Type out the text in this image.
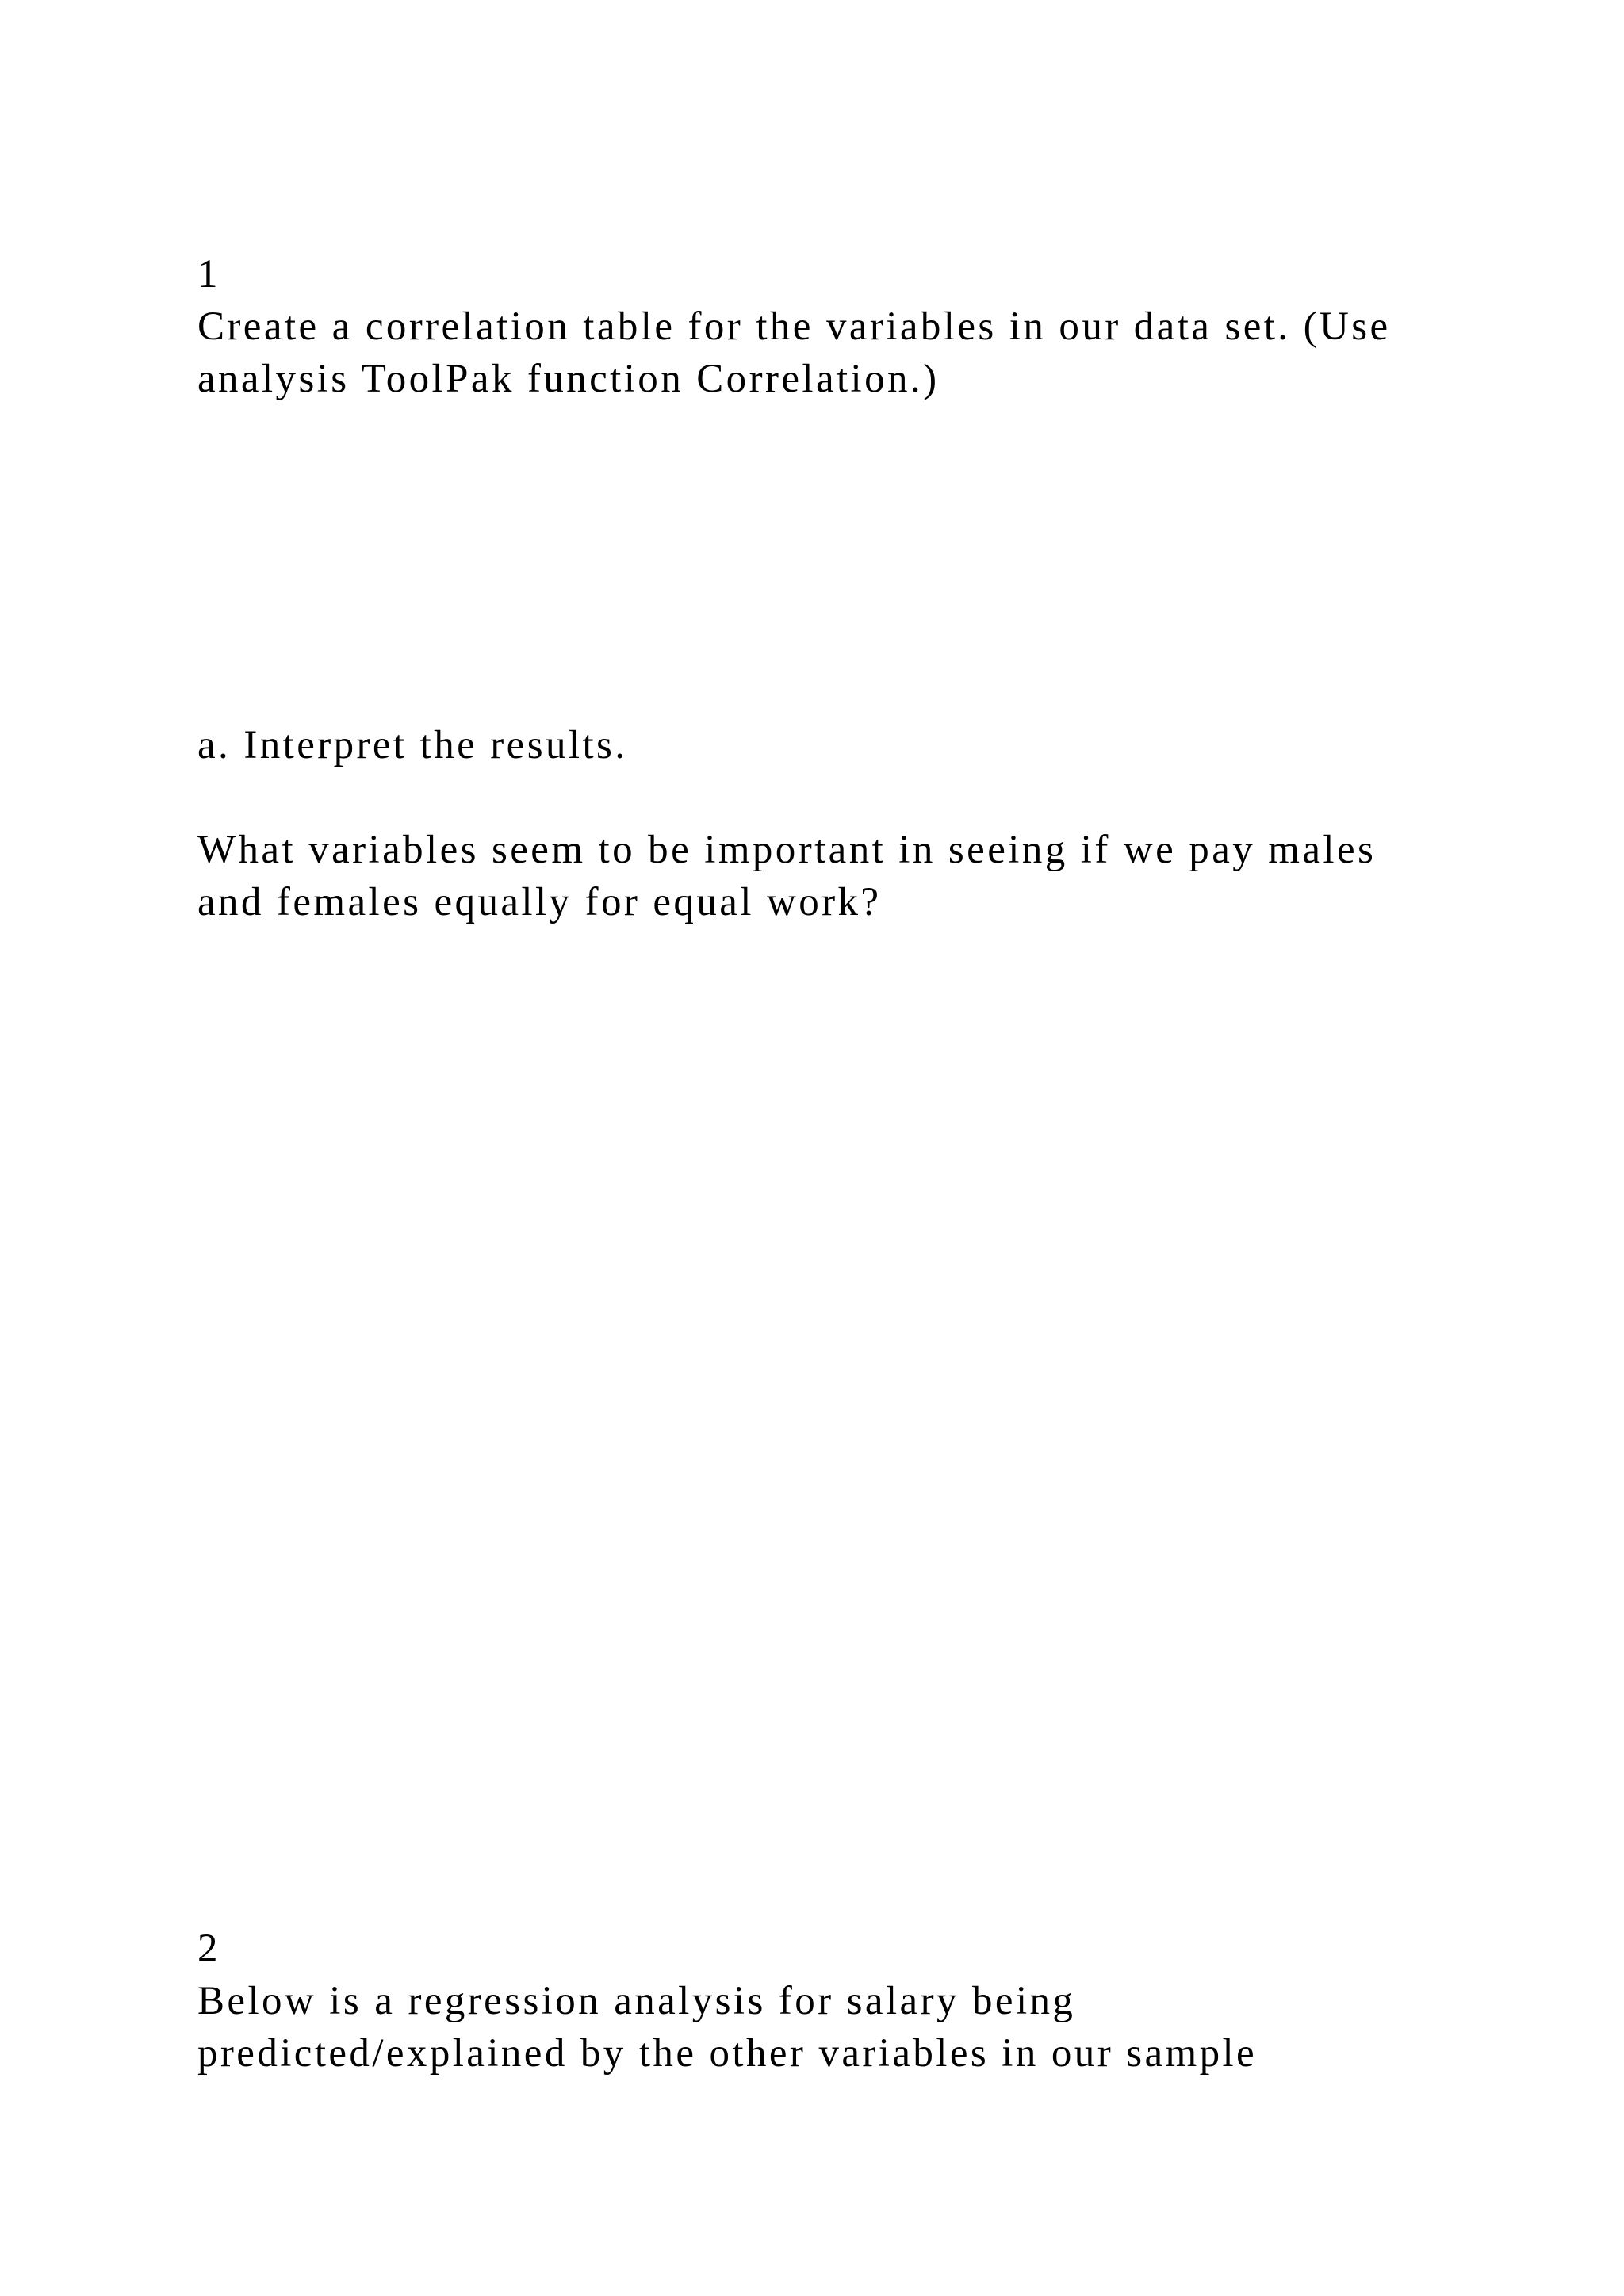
1

Create a correlation table for the variables in our data set. (Use

analysis ToolPak function Correlation.)

a. Interpret the results.

What variables seem to be important in seeing if we pay males

and females equally for equal work?

2

Below is a regression analysis for salary being

predicted/explained by the other variables in our sample
